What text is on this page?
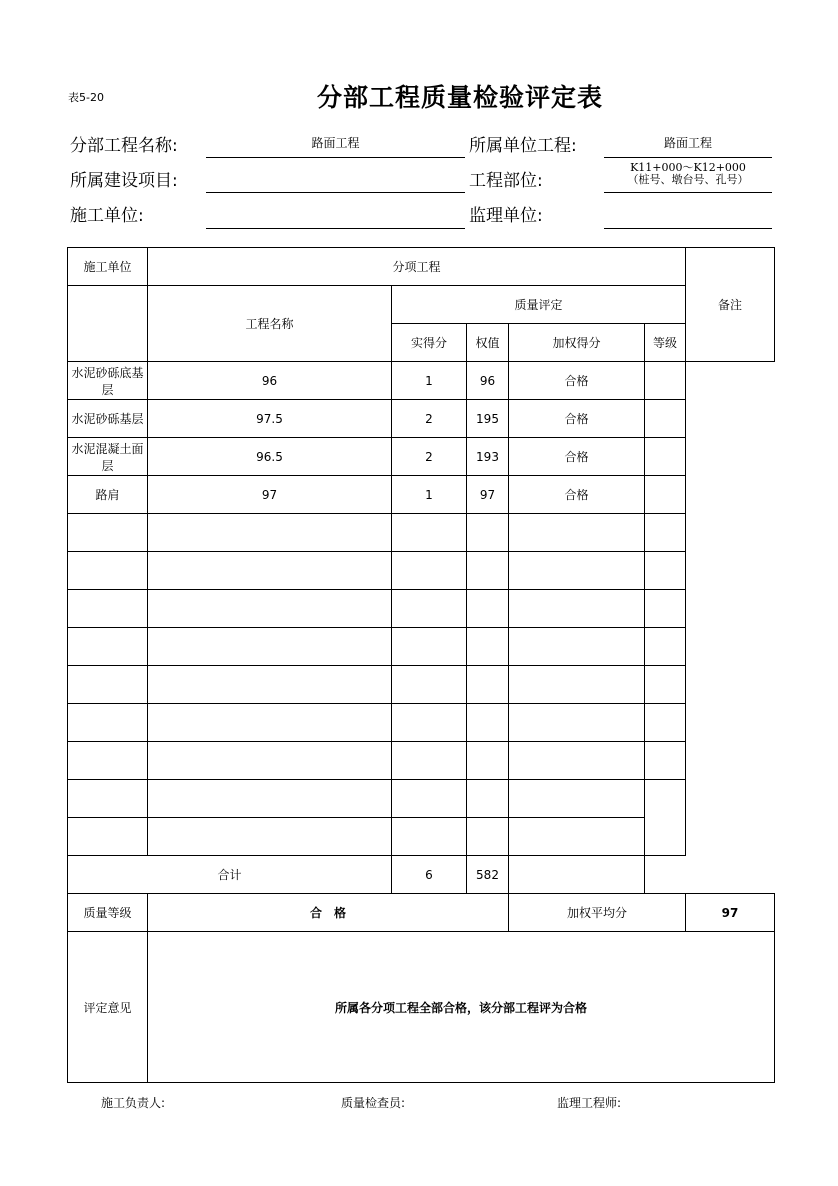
表5-20	分部工程质量检验评定表
分部工程名称:	路面工程	所属单位工程:	路面工程
所属建设项目:	工程部位:
K11+000～K12+000
（桩号、墩台号、孔号）
施工单位:	监理单位:
施工单位	分项工程					备注
	工程名称	质量评定				
		实得分	权值	加权得分	等级	
水泥砂砾底基层	96	1	96	合格		
水泥砂砾基层	97.5	2	195	合格		
水泥混凝土面层	96.5	2	193	合格		
路肩	97	1	97	合格		

合计		6	582			
质量等级	合　格			加权平均分		97
评定意见	所属各分项工程全部合格，该分部工程评为合格					
施工负责人:	质量检查员:	监理工程师:
